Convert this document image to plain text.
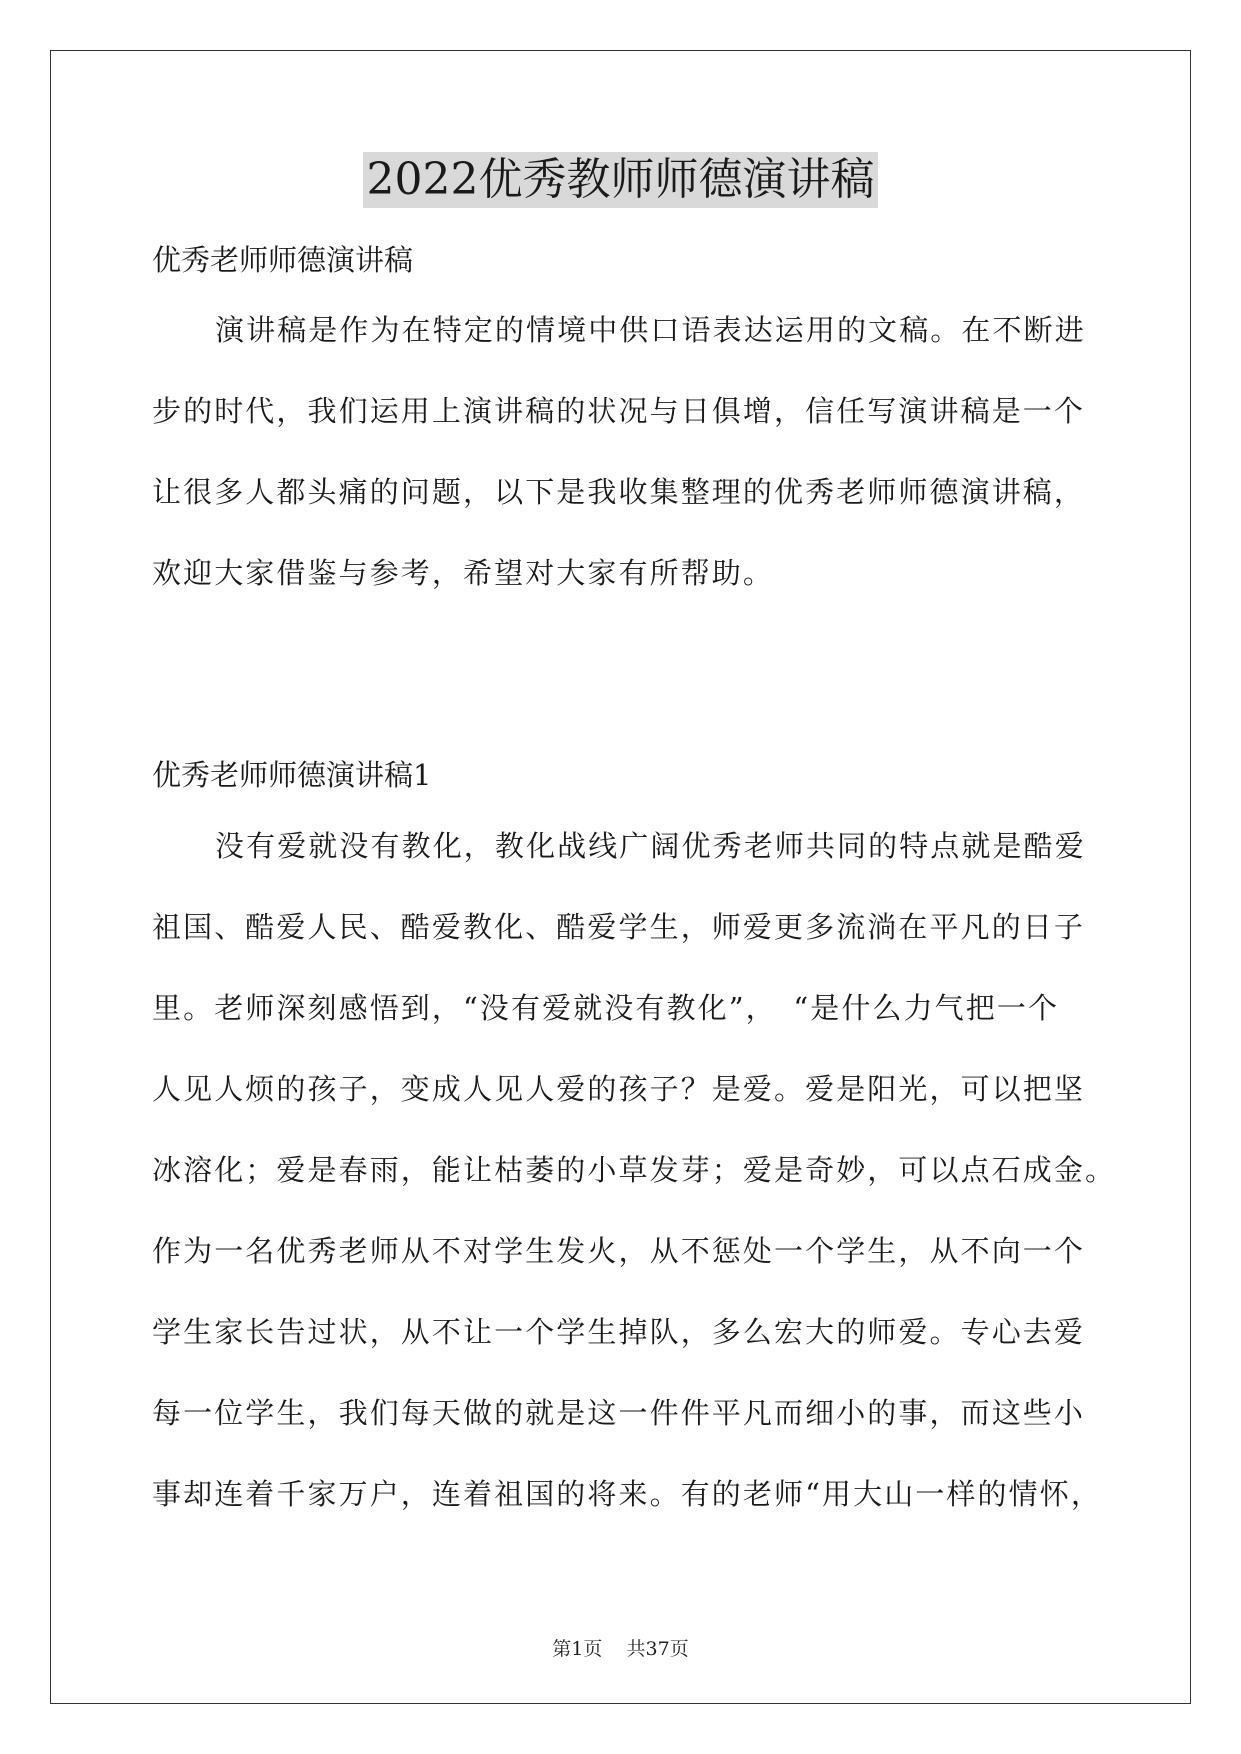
2022优秀教师师德演讲稿
优秀老师师德演讲稿
演讲稿是作为在特定的情境中供口语表达运用的文稿。在不断进
步的时代，我们运用上演讲稿的状况与日俱增，信任写演讲稿是一个
让很多人都头痛的问题，以下是我收集整理的优秀老师师德演讲稿，
欢迎大家借鉴与参考，希望对大家有所帮助。
优秀老师师德演讲稿1
没有爱就没有教化，教化战线广阔优秀老师共同的特点就是酷爱
祖国、酷爱人民、酷爱教化、酷爱学生，师爱更多流淌在平凡的日子
里。老师深刻感悟到，“没有爱就没有教化”，　“是什么力气把一个
人见人烦的孩子，变成人见人爱的孩子？是爱。爱是阳光，可以把坚
冰溶化；爱是春雨，能让枯萎的小草发芽；爱是奇妙，可以点石成金。
作为一名优秀老师从不对学生发火，从不惩处一个学生，从不向一个
学生家长告过状，从不让一个学生掉队，多么宏大的师爱。专心去爱
每一位学生，我们每天做的就是这一件件平凡而细小的事，而这些小
事却连着千家万户，连着祖国的将来。有的老师“用大山一样的情怀，
第1页 共37页
